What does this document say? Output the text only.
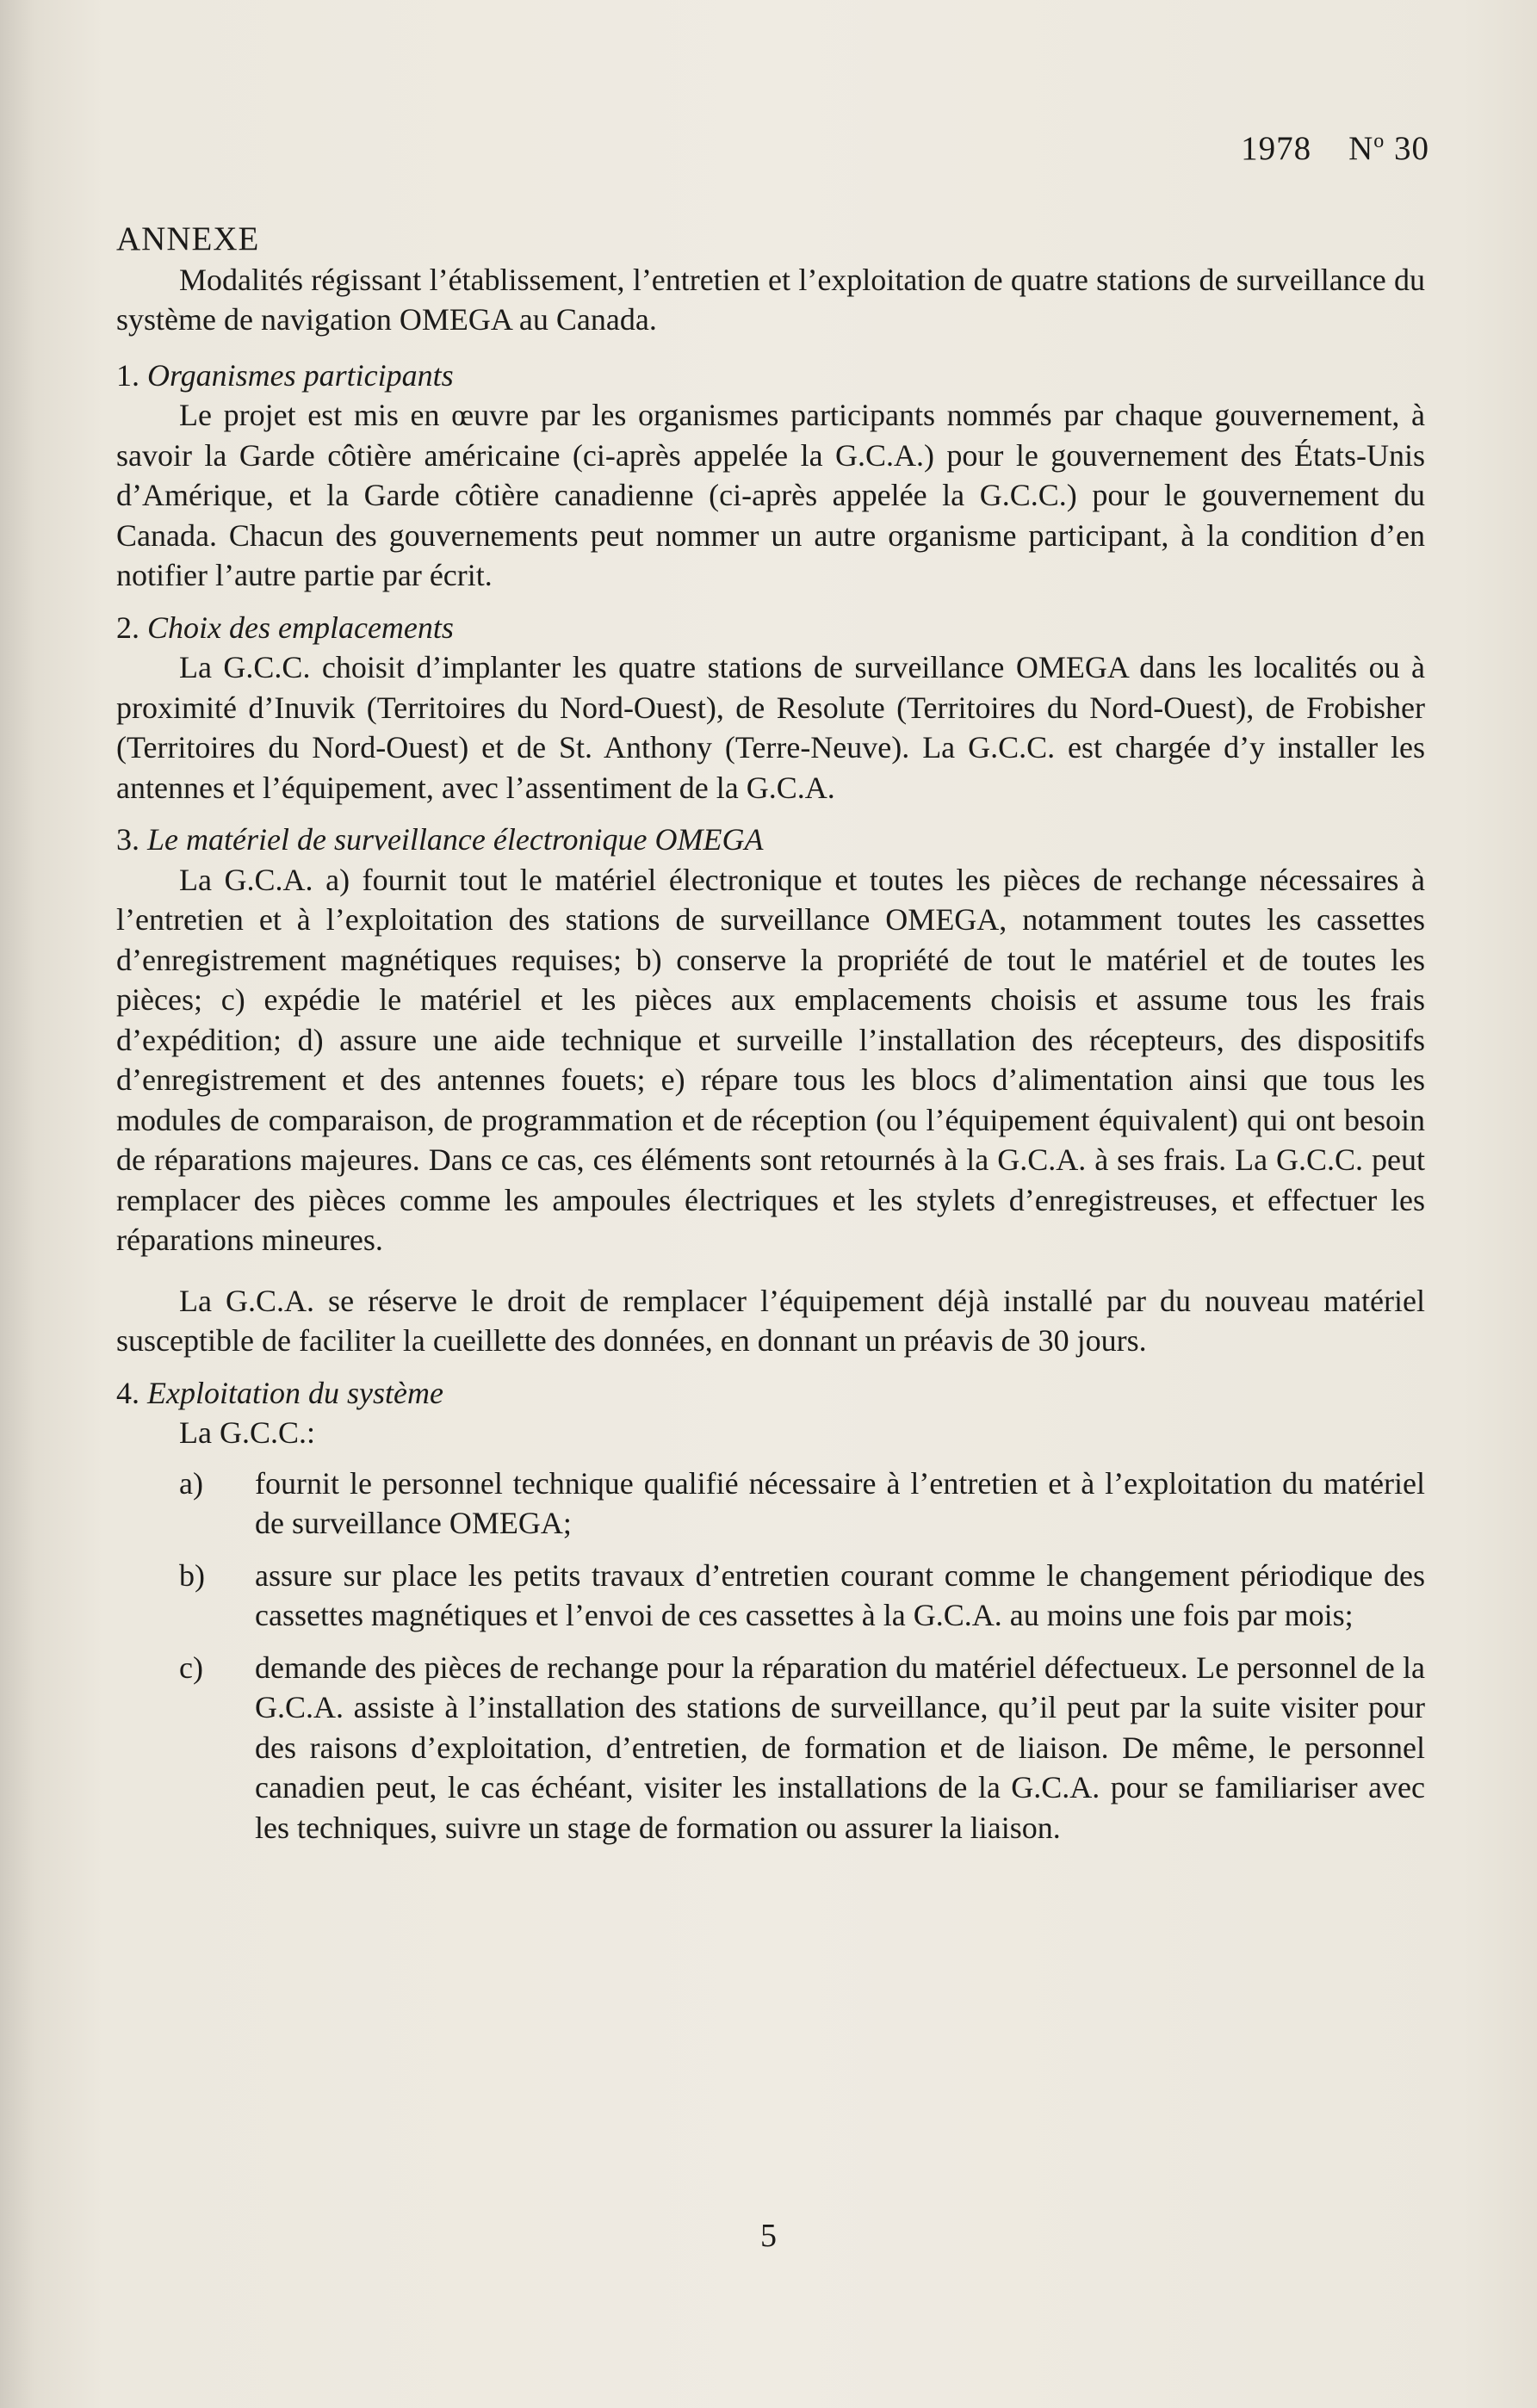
1978 $N^o$ 30

ANNEXE

Modalités régissant l’établissement, l’entretien et l’exploitation de quatre stations de surveillance du système de navigation OMEGA au Canada.

1. Organismes participants

Le projet est mis en œuvre par les organismes participants nommés par chaque gouvernement, à savoir la Garde côtière américaine (ci-après appelée la G.C.A.) pour le gouvernement des États-Unis d’Amérique, et la Garde côtière canadienne (ci-après appelée la G.C.C.) pour le gouvernement du Canada. Chacun des gouvernements peut nommer un autre organisme participant, à la condition d’en notifier l’autre partie par écrit.

2. Choix des emplacements

La G.C.C. choisit d’implanter les quatre stations de surveillance OMEGA dans les localités ou à proximité d’Inuvik (Territoires du Nord-Ouest), de Resolute (Territoires du Nord-Ouest), de Frobisher (Territoires du Nord-Ouest) et de St. Anthony (Terre-Neuve). La G.C.C. est chargée d’y installer les antennes et l’équipement, avec l’assentiment de la G.C.A.

3. Le matériel de surveillance électronique OMEGA

La G.C.A. a) fournit tout le matériel électronique et toutes les pièces de rechange nécessaires à l’entretien et à l’exploitation des stations de surveillance OMEGA, notamment toutes les cassettes d’enregistrement magnétiques requises; b) conserve la propriété de tout le matériel et de toutes les pièces; c) expédie le matériel et les pièces aux emplacements choisis et assume tous les frais d’expédition; d) assure une aide technique et surveille l’installation des récepteurs, des dispositifs d’enregistrement et des antennes fouets; e) répare tous les blocs d’alimentation ainsi que tous les modules de comparaison, de programmation et de réception (ou l’équipement équivalent) qui ont besoin de réparations majeures. Dans ce cas, ces éléments sont retournés à la G.C.A. à ses frais. La G.C.C. peut remplacer des pièces comme les ampoules électriques et les stylets d’enregistreuses, et effectuer les réparations mineures.

La G.C.A. se réserve le droit de remplacer l’équipement déjà installé par du nouveau matériel susceptible de faciliter la cueillette des données, en donnant un préavis de 30 jours.

4. Exploitation du système

La G.C.C.:

a)	fournit le personnel technique qualifié nécessaire à l’entretien et à l’exploitation du matériel de surveillance OMEGA;
b)	assure sur place les petits travaux d’entretien courant comme le changement périodique des cassettes magnétiques et l’envoi de ces cassettes à la G.C.A. au moins une fois par mois;
c)	demande des pièces de rechange pour la réparation du matériel défectueux. Le personnel de la G.C.A. assiste à l’installation des stations de surveillance, qu’il peut par la suite visiter pour des raisons d’exploitation, d’entretien, de formation et de liaison. De même, le personnel canadien peut, le cas échéant, visiter les installations de la G.C.A. pour se familiariser avec les techniques, suivre un stage de formation ou assurer la liaison.
5
